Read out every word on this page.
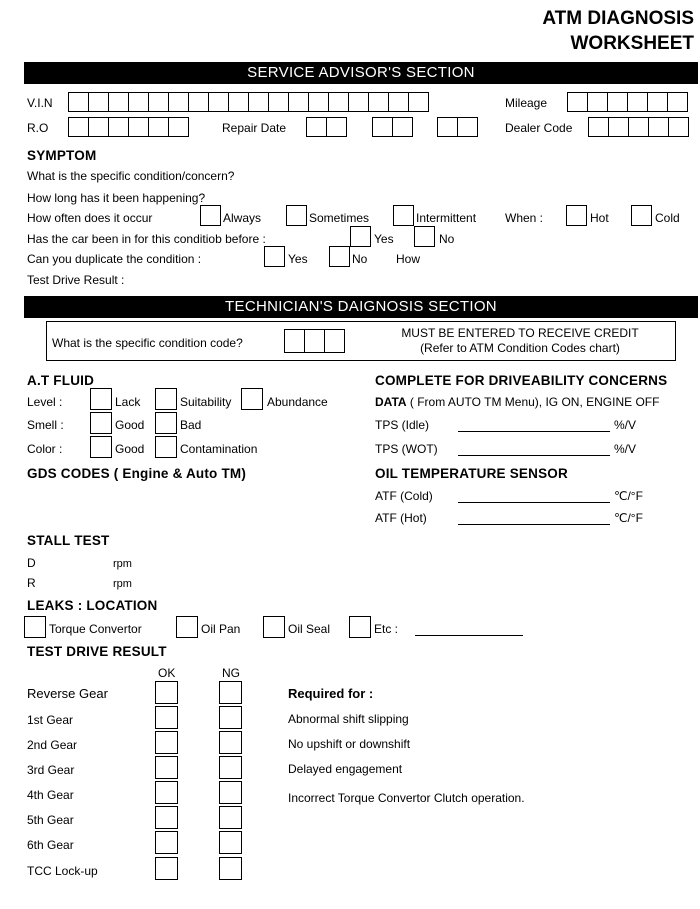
ATM DIAGNOSIS
WORKSHEET
SERVICE ADVISOR'S SECTION
V.I.N	Mileage
R.O	Repair Date	Dealer Code
SYMPTOM
What is the specific condition/concern?
How long has it been happening?
How often does it occur	Always	Sometimes	Intermittent When :	Hot	Cold
Has the car been in for this conditiob before :	Yes	No
Can you duplicate the condition :	Yes	No How
Test Drive Result :
TECHNICIAN'S DAIGNOSIS SECTION
What is the specific condition code?
MUST BE ENTERED TO RECEIVE CREDIT
(Refer to ATM Condition Codes chart)
A.T FLUID
Level :	Lack	Suitability	Abundance
Smell :	Good	Bad
Color :	Good	Contamination
COMPLETE FOR DRIVEABILITY CONCERNS
DATA ( From AUTO TM Menu), IG ON, ENGINE OFF
TPS (Idle)	%/V
TPS (WOT)	%/V
GDS CODES ( Engine & Auto TM)	OIL TEMPERATURE SENSOR
ATF (Cold)	℃/°F
ATF (Hot)	℃/°F
STALL TEST
D	rpm
R	rpm
LEAKS : LOCATION
Torque Convertor	Oil Pan	Oil Seal	Etc :
TEST DRIVE RESULT
OK	NG
Reverse Gear
1st Gear
2nd Gear
3rd Gear
4th Gear
5th Gear
6th Gear
TCC Lock-up
Required for :
Abnormal shift slipping
No upshift or downshift
Delayed engagement
Incorrect Torque Convertor Clutch operation.
